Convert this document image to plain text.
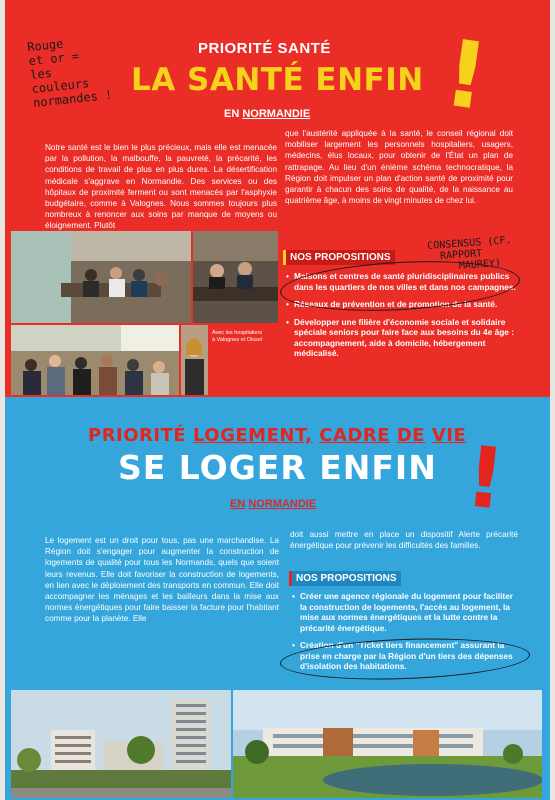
Rouge
et or =
les
couleurs
normandes !
PRIORITÉ SANTÉ
LA SANTÉ ENFIN
EN NORMANDIE !
Notre santé est le bien le plus précieux, mais elle est menacée par la pollution, la malbouffe, la pauvreté, la précarité, les conditions de travail de plus en plus dures. La désertification médicale s'aggrave en Normandie. Des services ou des hôpitaux de proximité ferment ou sont menacés par l'asphyxie budgétaire, comme à Valognes. Nous sommes toujours plus nombreux à renoncer aux soins par manque de moyens ou éloignement. Plutôt
que l'austérité appliquée à la santé, le conseil régional doit mobiliser largement les personnels hospitaliers, usagers, médecins, élus locaux, pour obtenir de l'État un plan de rattrapage. Au lieu d'un énième schéma technocratique, la Région doit impulser un plan d'action santé de proximité pour garantir à chacun des soins de qualité, de la naissance au quatrième âge, à moins de vingt minutes de chez lui.
NOS PROPOSITIONS
CONSENSUS (CF.
RAPPORT
MAUREY)
• Maisons et centres de santé pluridisciplinaires publics dans les quartiers de nos villes et dans nos campagnes.
• Réseaux de prévention et de promotion de la santé.
• Développer une filière d'économie sociale et solidaire spéciale seniors pour faire face aux besoins du 4e âge : accompagnement, aide à domicile, hébergement médicalisé.
Avec les hospitaliers
à Valognes et Oissel
PRIORITÉ LOGEMENT, CADRE DE VIE
SE LOGER ENFIN
EN NORMANDIE !
Le logement est un droit pour tous, pas une marchandise. La Région doit s'engager pour augmenter la construction de logements de qualité pour tous les Normands, quels que soient leurs revenus. Elle doit favoriser la construction de logements, en lien avec le déploiement des transports en commun. Elle doit accompagner les ménages et les bailleurs dans la mise aux normes énergétiques pour faire baisser la facture pour l'habitant comme pour la planète. Elle
doit aussi mettre en place un dispositif Alerte précarité énergétique pour prévenir les difficultés des familles.
NOS PROPOSITIONS
• Créer une agence régionale du logement pour faciliter la construction de logements, l'accès au logement, la mise aux normes énergétiques et la lutte contre la précarité énergétique.
• Création d'un "Ticket tiers financement" assurant la prise en charge par la Région d'un tiers des dépenses d'isolation des habitations.
